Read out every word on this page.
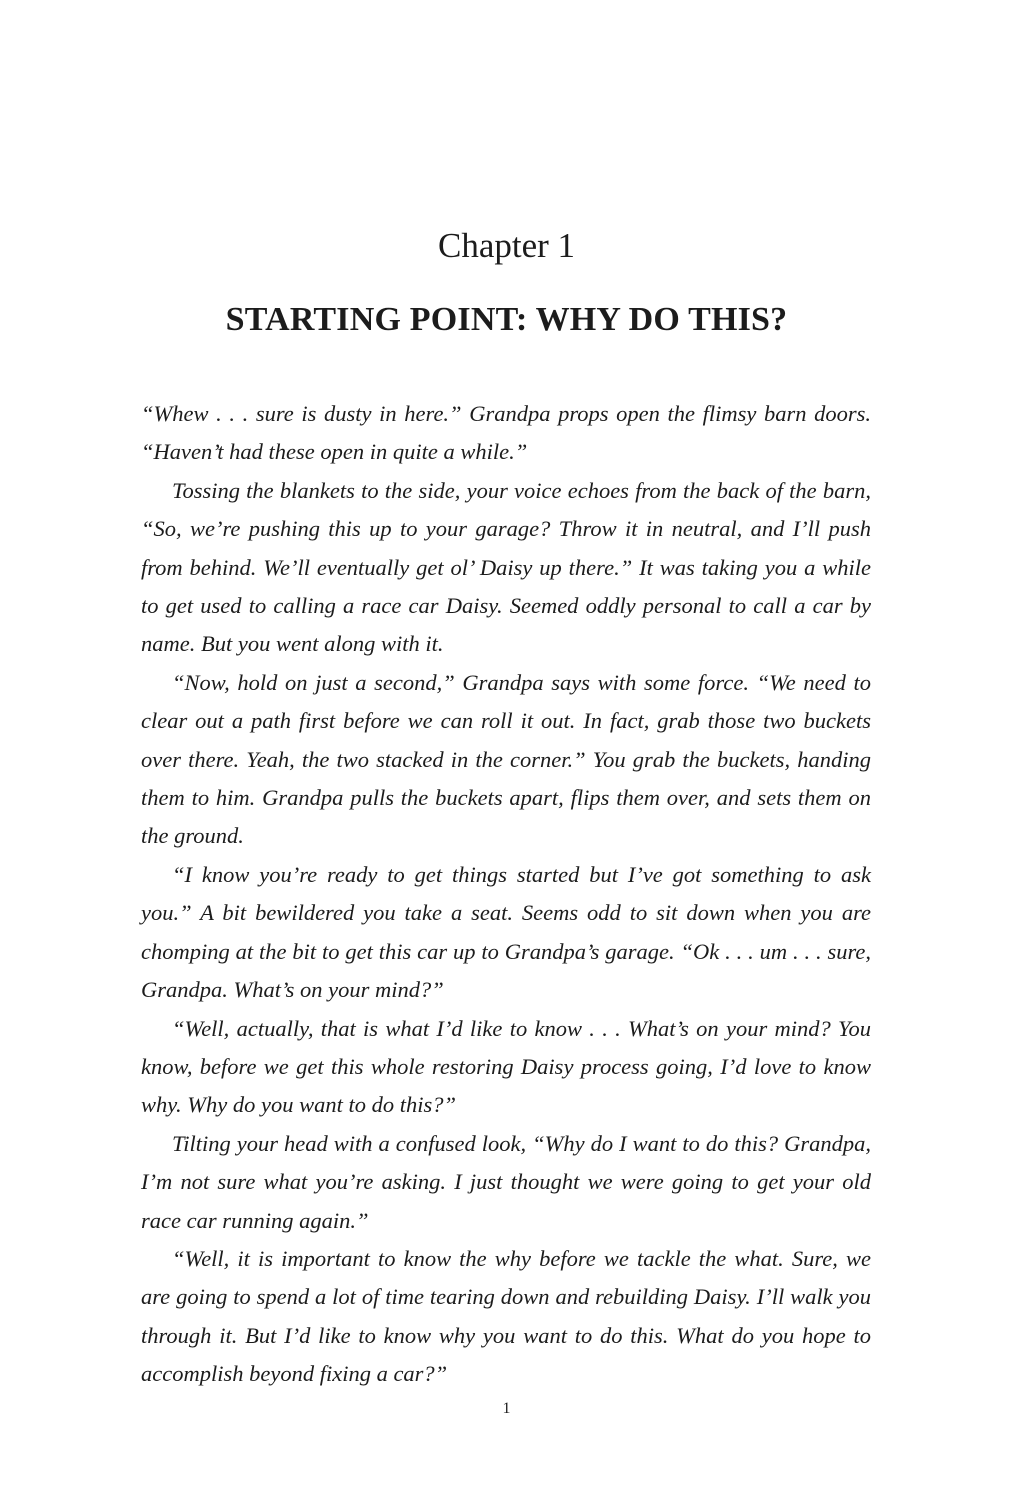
Chapter 1
STARTING POINT: WHY DO THIS?

“Whew . . . sure is dusty in here.” Grandpa props open the flimsy barn doors. “Haven’t had these open in quite a while.”

Tossing the blankets to the side, your voice echoes from the back of the barn, “So, we’re pushing this up to your garage? Throw it in neutral, and I’ll push from behind. We’ll eventually get ol’ Daisy up there.” It was taking you a while to get used to calling a race car Daisy. Seemed oddly personal to call a car by name. But you went along with it.

“Now, hold on just a second,” Grandpa says with some force. “We need to clear out a path first before we can roll it out. In fact, grab those two buckets over there. Yeah, the two stacked in the corner.” You grab the buckets, handing them to him. Grandpa pulls the buckets apart, flips them over, and sets them on the ground.

“I know you’re ready to get things started but I’ve got something to ask you.” A bit bewildered you take a seat. Seems odd to sit down when you are chomping at the bit to get this car up to Grandpa’s garage. “Ok . . . um . . . sure, Grandpa. What’s on your mind?”

“Well, actually, that is what I’d like to know . . . What’s on your mind? You know, before we get this whole restoring Daisy process going, I’d love to know why. Why do you want to do this?”

Tilting your head with a confused look, “Why do I want to do this? Grandpa, I’m not sure what you’re asking. I just thought we were going to get your old race car running again.”

“Well, it is important to know the why before we tackle the what. Sure, we are going to spend a lot of time tearing down and rebuilding Daisy. I’ll walk you through it. But I’d like to know why you want to do this. What do you hope to accomplish beyond fixing a car?”

1
